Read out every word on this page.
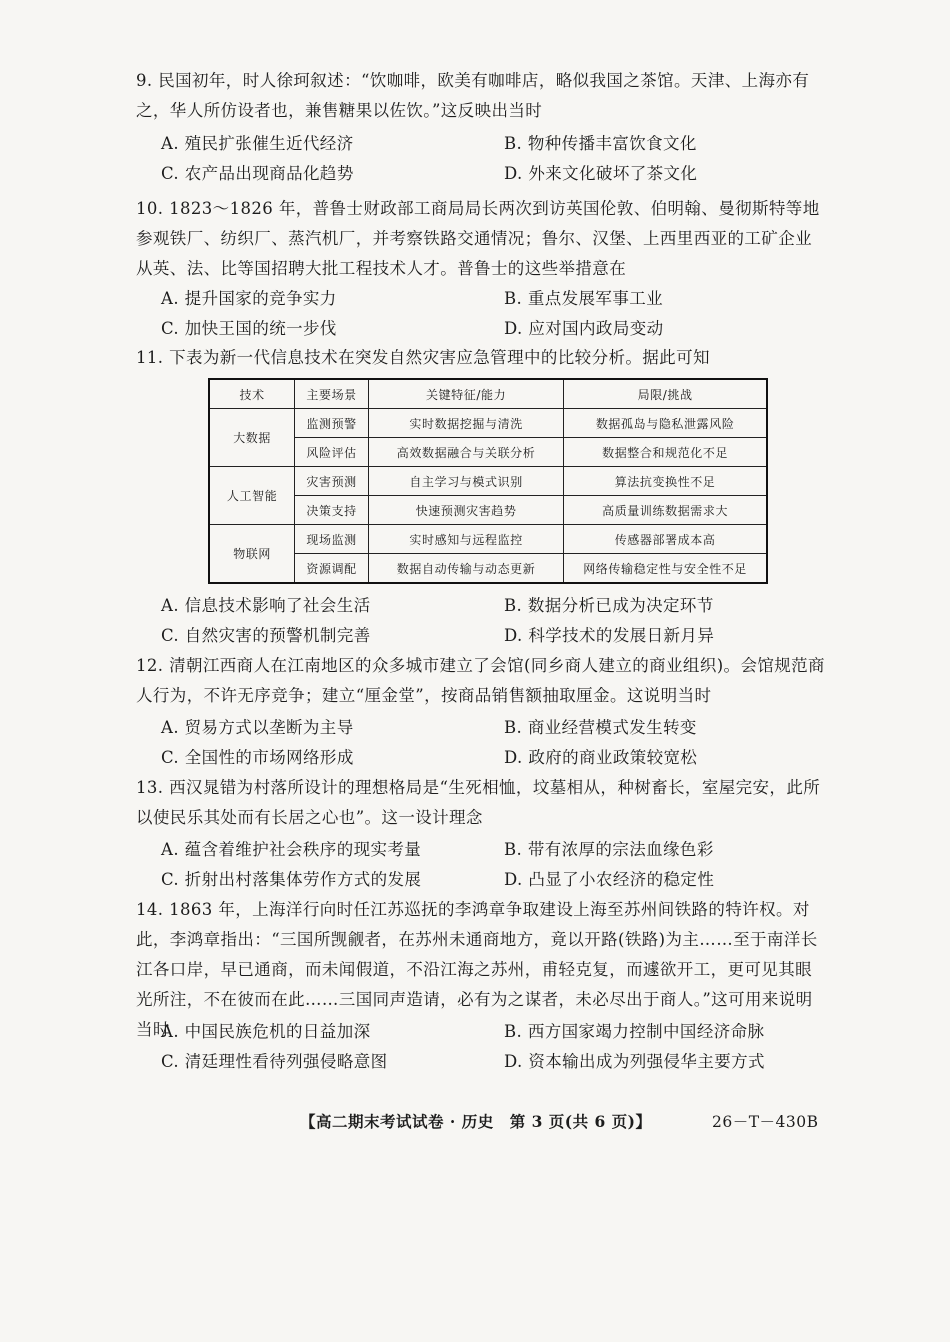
9. 民国初年，时人徐珂叙述：“饮咖啡，欧美有咖啡店，略似我国之茶馆。天津、上海亦有之，华人所仿设者也，兼售糖果以佐饮。”这反映出当时
A. 殖民扩张催生近代经济	B. 物种传播丰富饮食文化
C. 农产品出现商品化趋势	D. 外来文化破坏了茶文化
10. 1823～1826 年，普鲁士财政部工商局局长两次到访英国伦敦、伯明翰、曼彻斯特等地参观铁厂、纺织厂、蒸汽机厂，并考察铁路交通情况；鲁尔、汉堡、上西里西亚的工矿企业从英、法、比等国招聘大批工程技术人才。普鲁士的这些举措意在
A. 提升国家的竞争实力	B. 重点发展军事工业
C. 加快王国的统一步伐	D. 应对国内政局变动
11. 下表为新一代信息技术在突发自然灾害应急管理中的比较分析。据此可知
技术	主要场景	关键特征/能力	局限/挑战
大数据	监测预警	实时数据挖掘与清洗	数据孤岛与隐私泄露风险
	风险评估	高效数据融合与关联分析	数据整合和规范化不足
人工智能	灾害预测	自主学习与模式识别	算法抗变换性不足
	决策支持	快速预测灾害趋势	高质量训练数据需求大
物联网	现场监测	实时感知与远程监控	传感器部署成本高
	资源调配	数据自动传输与动态更新	网络传输稳定性与安全性不足
A. 信息技术影响了社会生活	B. 数据分析已成为决定环节
C. 自然灾害的预警机制完善	D. 科学技术的发展日新月异
12. 清朝江西商人在江南地区的众多城市建立了会馆(同乡商人建立的商业组织)。会馆规范商人行为，不许无序竞争；建立“厘金堂”，按商品销售额抽取厘金。这说明当时
A. 贸易方式以垄断为主导	B. 商业经营模式发生转变
C. 全国性的市场网络形成	D. 政府的商业政策较宽松
13. 西汉晁错为村落所设计的理想格局是“生死相恤，坟墓相从，种树畜长，室屋完安，此所以使民乐其处而有长居之心也”。这一设计理念
A. 蕴含着维护社会秩序的现实考量	B. 带有浓厚的宗法血缘色彩
C. 折射出村落集体劳作方式的发展	D. 凸显了小农经济的稳定性
14. 1863 年，上海洋行向时任江苏巡抚的李鸿章争取建设上海至苏州间铁路的特许权。对此，李鸿章指出：“三国所觊觎者，在苏州未通商地方，竟以开路(铁路)为主……至于南洋长江各口岸，早已通商，而未闻假道，不沿江海之苏州，甫轻克复，而遽欲开工，更可见其眼光所注，不在彼而在此……三国同声造请，必有为之谋者，未必尽出于商人。”这可用来说明当时
A. 中国民族危机的日益加深	B. 西方国家竭力控制中国经济命脉
C. 清廷理性看待列强侵略意图	D. 资本输出成为列强侵华主要方式
【高二期末考试试卷 · 历史　第 3 页(共 6 页)】	26－T－430B
